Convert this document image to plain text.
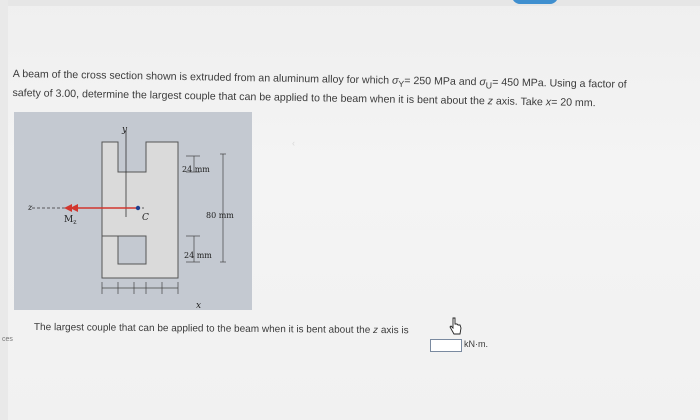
ces
A beam of the cross section shown is extruded from an aluminum alloy for which $\sigma_Y= 250$ MPa and $\sigma_U= 450$ MPa. Using a factor of
safety of 3.00, determine the largest couple that can be applied to the beam when it is bent about the z axis. Take x= 20 mm.
y
z
$M_z$	C
24 mm
80 mm
24 mm
x
‹
The largest couple that can be applied to the beam when it is bent about the z axis is
kN·m.
